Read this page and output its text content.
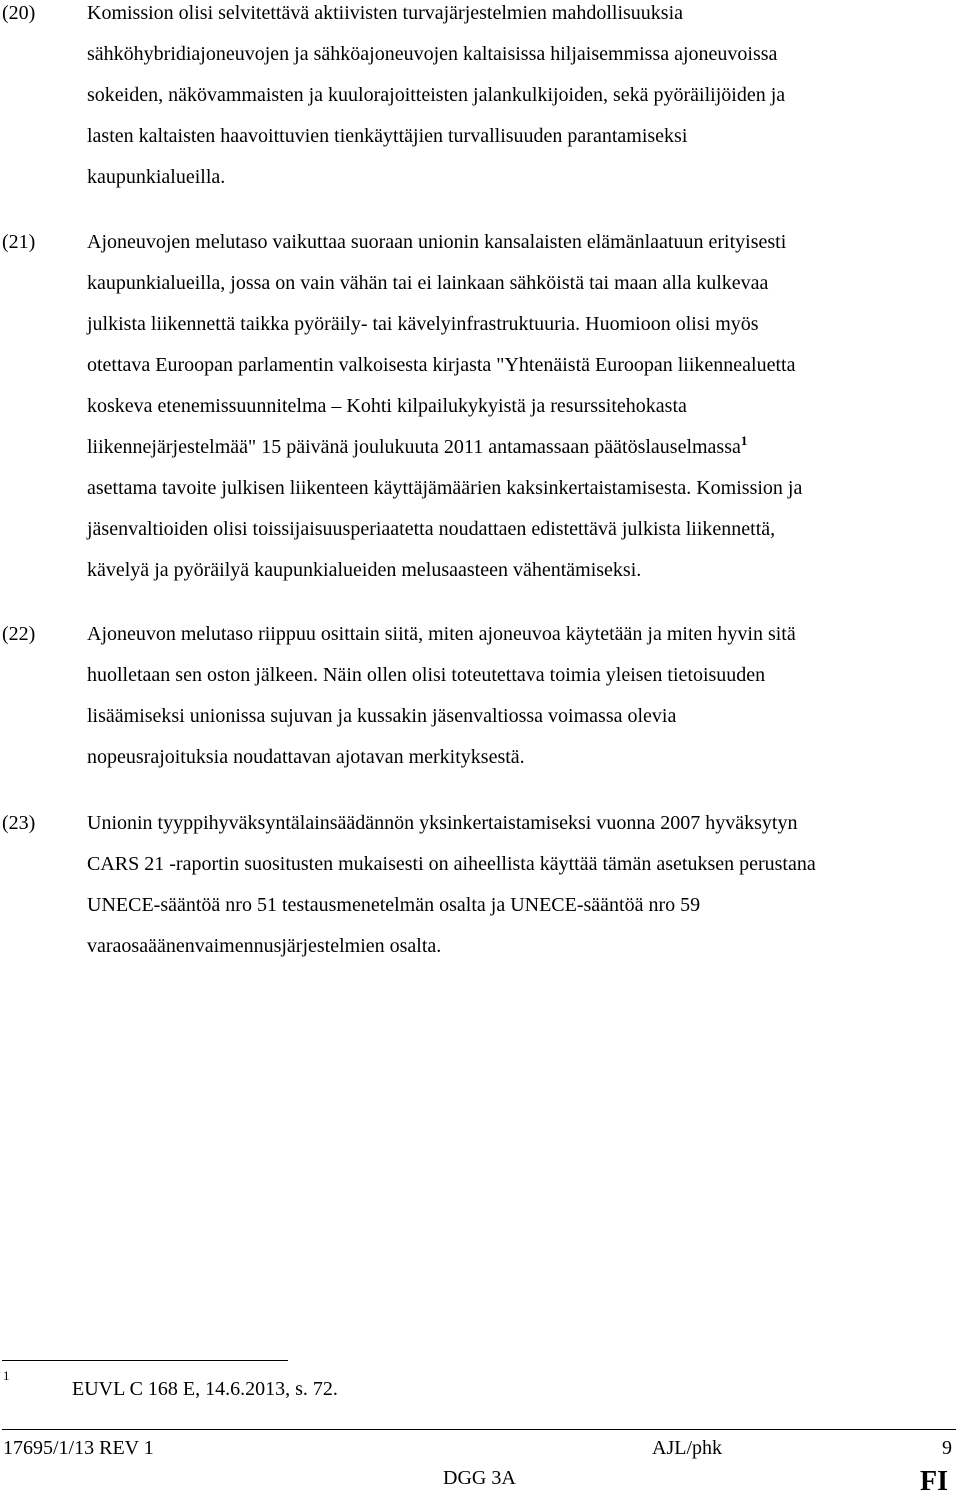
(20)	Komission olisi selvitettävä aktiivisten turvajärjestelmien mahdollisuuksia
sähköhybridiajoneuvojen ja sähköajoneuvojen kaltaisissa hiljaisemmissa ajoneuvoissa
sokeiden, näkövammaisten ja kuulorajoitteisten jalankulkijoiden, sekä pyöräilijöiden ja
lasten kaltaisten haavoittuvien tienkäyttäjien turvallisuuden parantamiseksi
kaupunkialueilla.
(21)	Ajoneuvojen melutaso vaikuttaa suoraan unionin kansalaisten elämänlaatuun erityisesti
kaupunkialueilla, jossa on vain vähän tai ei lainkaan sähköistä tai maan alla kulkevaa
julkista liikennettä taikka pyöräily- tai kävelyinfrastruktuuria. Huomioon olisi myös
otettava Euroopan parlamentin valkoisesta kirjasta "Yhtenäistä Euroopan liikennealuetta
koskeva etenemissuunnitelma – Kohti kilpailukykyistä ja resurssitehokasta
liikennejärjestelmää" 15 päivänä joulukuuta 2011 antamassaan päätöslauselmassa$^1$
asettama tavoite julkisen liikenteen käyttäjämäärien kaksinkertaistamisesta. Komission ja
jäsenvaltioiden olisi toissijaisuusperiaatetta noudattaen edistettävä julkista liikennettä,
kävelyä ja pyöräilyä kaupunkialueiden melusaasteen vähentämiseksi.
(22)	Ajoneuvon melutaso riippuu osittain siitä, miten ajoneuvoa käytetään ja miten hyvin sitä
huolletaan sen oston jälkeen. Näin ollen olisi toteutettava toimia yleisen tietoisuuden
lisäämiseksi unionissa sujuvan ja kussakin jäsenvaltiossa voimassa olevia
nopeusrajoituksia noudattavan ajotavan merkityksestä.
(23)	Unionin tyyppihyväksyntälainsäädännön yksinkertaistamiseksi vuonna 2007 hyväksytyn
CARS 21 -raportin suositusten mukaisesti on aiheellista käyttää tämän asetuksen perustana
UNECE-sääntöä nro 51 testausmenetelmän osalta ja UNECE-sääntöä nro 59
varaosaäänenvaimennusjärjestelmien osalta.
1
EUVL C 168 E, 14.6.2013, s. 72.
17695/1/13 REV 1	AJL/phk	9
DGG 3A	FI
